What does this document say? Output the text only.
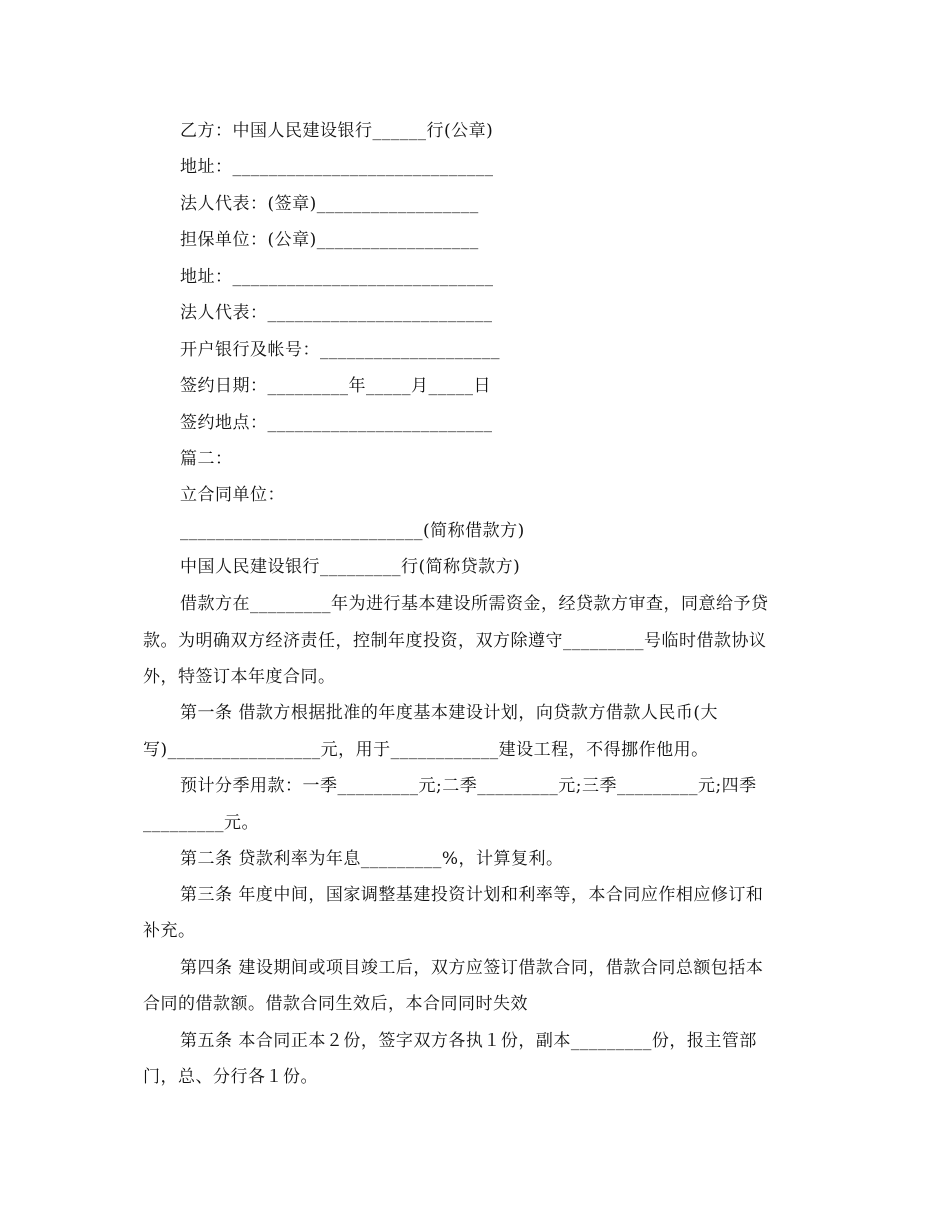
乙方：中国人民建设银行______行(公章)
地址：_____________________________
法人代表：(签章)__________________
担保单位：(公章)__________________
地址：_____________________________
法人代表：_________________________
开户银行及帐号：____________________
签约日期：_________年_____月_____日
签约地点：_________________________
篇二：
立合同单位：
___________________________(简称借款方)
中国人民建设银行_________行(简称贷款方)
借款方在_________年为进行基本建设所需资金，经贷款方审查，同意给予贷
款。为明确双方经济责任，控制年度投资，双方除遵守_________号临时借款协议
外，特签订本年度合同。
第一条 借款方根据批准的年度基本建设计划，向贷款方借款人民币(大
写)_________________元，用于____________建设工程，不得挪作他用。
预计分季用款：一季_________元;二季_________元;三季_________元;四季
_________元。
第二条 贷款利率为年息_________%，计算复利。
第三条 年度中间，国家调整基建投资计划和利率等，本合同应作相应修订和
补充。
第四条 建设期间或项目竣工后，双方应签订借款合同，借款合同总额包括本
合同的借款额。借款合同生效后，本合同同时失效
第五条 本合同正本２份，签字双方各执１份，副本_________份，报主管部
门，总、分行各１份。
